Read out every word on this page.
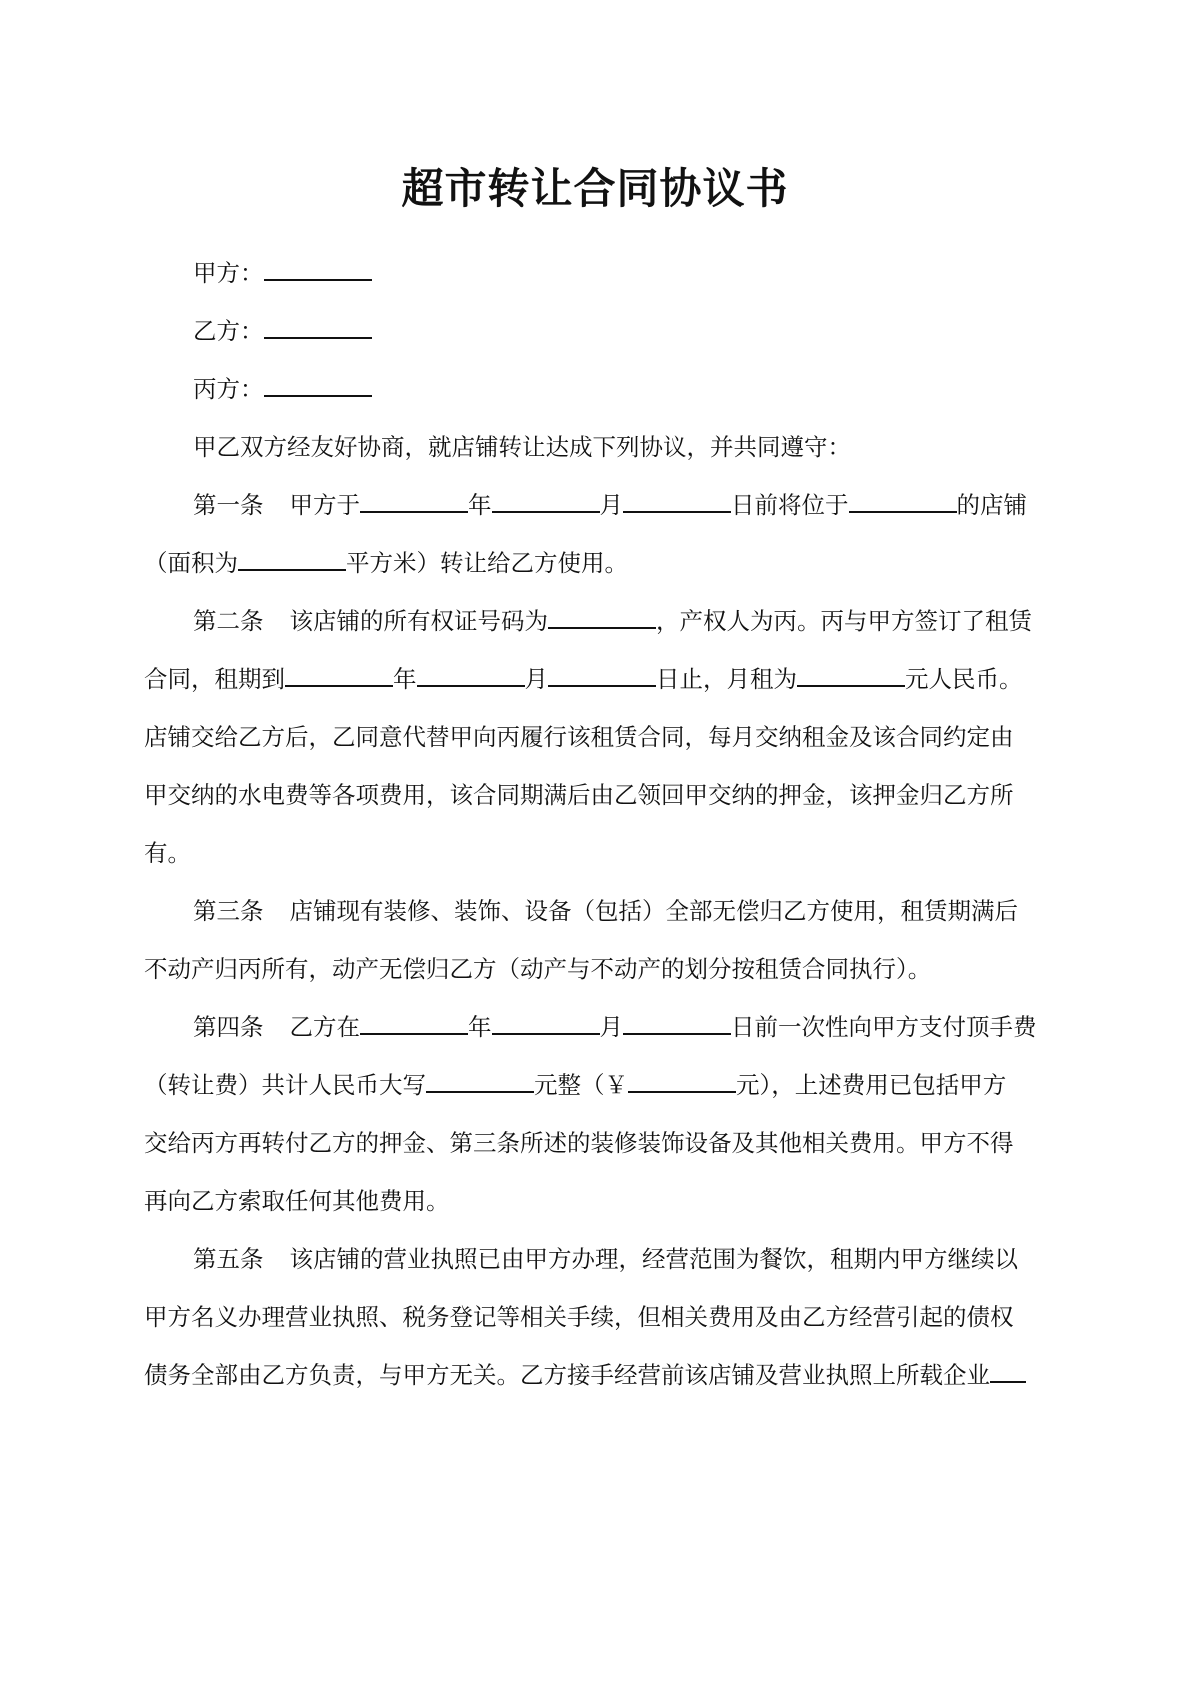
超市转让合同协议书

甲方：

乙方：

丙方：

甲乙双方经友好协商，就店铺转让达成下列协议，并共同遵守：

第一条 甲方于	年	月	日前将位于	的店铺

（面积为	平方米）转让给乙方使用。

第二条 该店铺的所有权证号码为	，产权人为丙。丙与甲方签订了租赁

合同，租期到	年	月	日止，月租为	元人民币。

店铺交给乙方后，乙同意代替甲向丙履行该租赁合同，每月交纳租金及该合同约定由

甲交纳的水电费等各项费用，该合同期满后由乙领回甲交纳的押金，该押金归乙方所

有。

第三条 店铺现有装修、装饰、设备（包括）全部无偿归乙方使用，租赁期满后

不动产归丙所有，动产无偿归乙方（动产与不动产的划分按租赁合同执行）。

第四条 乙方在	年	月	日前一次性向甲方支付顶手费

（转让费）共计人民币大写	元整（￥	元），上述费用已包括甲方

交给丙方再转付乙方的押金、第三条所述的装修装饰设备及其他相关费用。甲方不得

再向乙方索取任何其他费用。

第五条 该店铺的营业执照已由甲方办理，经营范围为餐饮，租期内甲方继续以

甲方名义办理营业执照、税务登记等相关手续，但相关费用及由乙方经营引起的债权

债务全部由乙方负责，与甲方无关。乙方接手经营前该店铺及营业执照上所载企业
